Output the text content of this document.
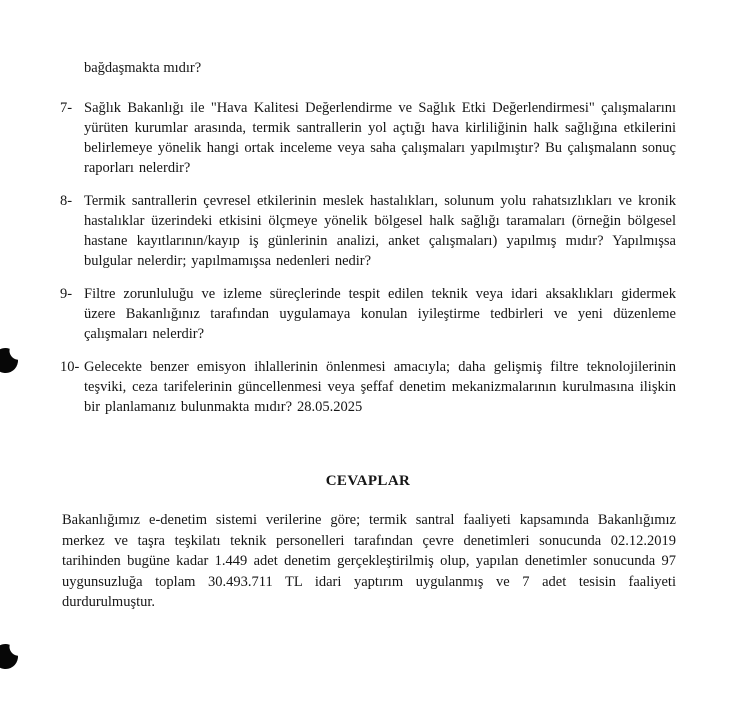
bağdaşmakta mıdır?

7- Sağlık Bakanlığı ile "Hava Kalitesi Değerlendirme ve Sağlık Etki Değerlendirmesi" çalışmalarını yürüten kurumlar arasında, termik santrallerin yol açtığı hava kirliliğinin halk sağlığına etkilerini belirlemeye yönelik hangi ortak inceleme veya saha çalışmaları yapılmıştır? Bu çalışmalann sonuç raporları nelerdir?
8- Termik santrallerin çevresel etkilerinin meslek hastalıkları, solunum yolu rahatsızlıkları ve kronik hastalıklar üzerindeki etkisini ölçmeye yönelik bölgesel halk sağlığı taramaları (örneğin bölgesel hastane kayıtlarının/kayıp iş günlerinin analizi, anket çalışmaları) yapılmış mıdır? Yapılmışsa bulgular nelerdir; yapılmamışsa nedenleri nedir?
9- Filtre zorunluluğu ve izleme süreçlerinde tespit edilen teknik veya idari aksaklıkları gidermek üzere Bakanlığınız tarafından uygulamaya konulan iyileştirme tedbirleri ve yeni düzenleme çalışmaları nelerdir?
10- Gelecekte benzer emisyon ihlallerinin önlenmesi amacıyla; daha gelişmiş filtre teknolojilerinin teşviki, ceza tarifelerinin güncellenmesi veya şeffaf denetim mekanizmalarının kurulmasına ilişkin bir planlamanız bulunmakta mıdır? 28.05.2025
CEVAPLAR

Bakanlığımız e-denetim sistemi verilerine göre; termik santral faaliyeti kapsamında Bakanlığımız merkez ve taşra teşkilatı teknik personelleri tarafından çevre denetimleri sonucunda 02.12.2019 tarihinden bugüne kadar 1.449 adet denetim gerçekleştirilmiş olup, yapılan denetimler sonucunda 97 uygunsuzluğa toplam 30.493.711 TL idari yaptırım uygulanmış ve 7 adet tesisin faaliyeti durdurulmuştur.
